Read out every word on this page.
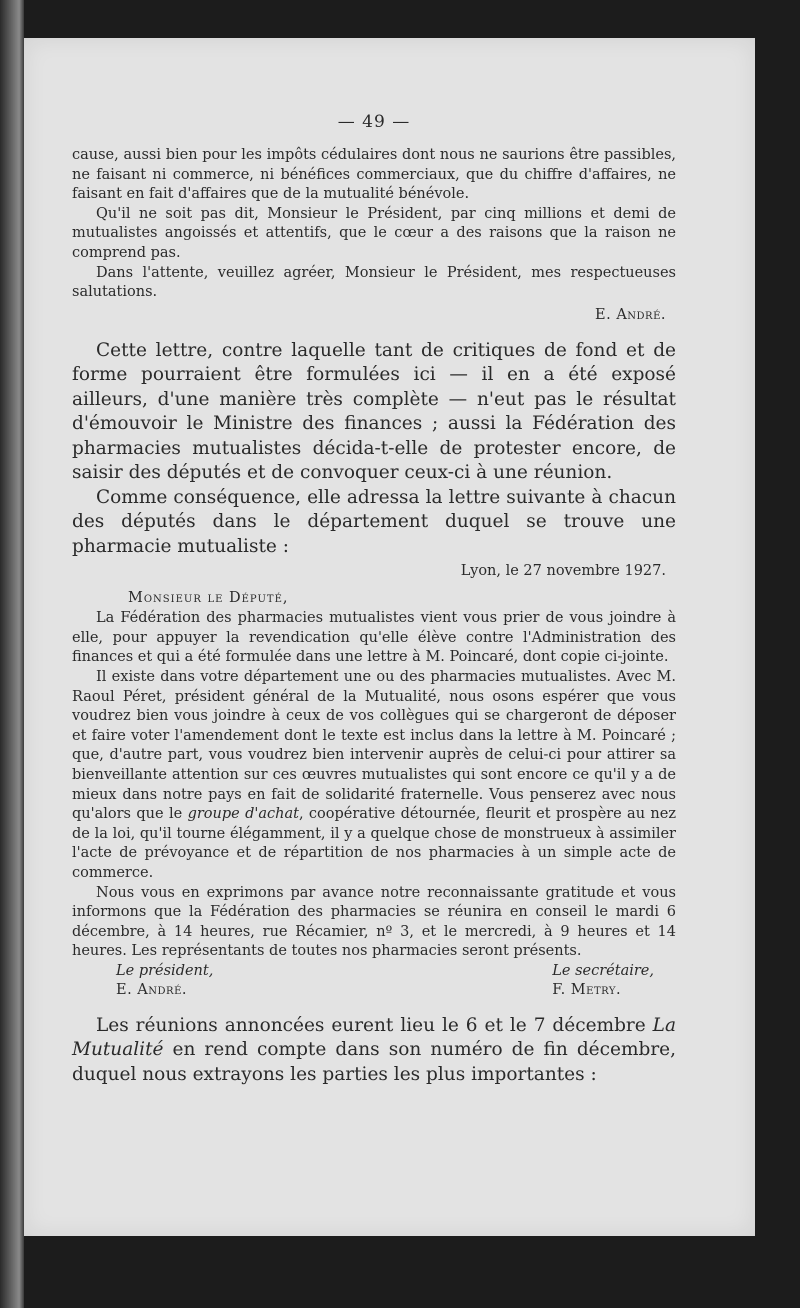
— 49 —

cause, aussi bien pour les impôts cédulaires dont nous ne saurions être passibles, ne faisant ni commerce, ni bénéfices commerciaux, que du chiffre d'affaires, ne faisant en fait d'affaires que de la mutualité bénévole.

Qu'il ne soit pas dit, Monsieur le Président, par cinq millions et demi de mutualistes angoissés et attentifs, que le cœur a des raisons que la raison ne comprend pas.

Dans l'attente, veuillez agréer, Monsieur le Président, mes respectueuses salutations.

E. André.

Cette lettre, contre laquelle tant de critiques de fond et de forme pourraient être formulées ici — il en a été exposé ailleurs, d'une manière très complète — n'eut pas le résultat d'émouvoir le Ministre des finances ; aussi la Fédération des pharmacies mutualistes décida-t-elle de protester encore, de saisir des députés et de convoquer ceux-ci à une réunion.

Comme conséquence, elle adressa la lettre suivante à chacun des députés dans le département duquel se trouve une pharmacie mutualiste :

Lyon, le 27 novembre 1927.

Monsieur le Député,

La Fédération des pharmacies mutualistes vient vous prier de vous joindre à elle, pour appuyer la revendication qu'elle élève contre l'Administration des finances et qui a été formulée dans une lettre à M. Poincaré, dont copie ci-jointe.

Il existe dans votre département une ou des pharmacies mutualistes. Avec M. Raoul Péret, président général de la Mutualité, nous osons espérer que vous voudrez bien vous joindre à ceux de vos collègues qui se chargeront de déposer et faire voter l'amendement dont le texte est inclus dans la lettre à M. Poincaré ; que, d'autre part, vous voudrez bien intervenir auprès de celui-ci pour attirer sa bienveillante attention sur ces œuvres mutualistes qui sont encore ce qu'il y a de mieux dans notre pays en fait de solidarité fraternelle. Vous penserez avec nous qu'alors que le groupe d'achat, coopérative détournée, fleurit et prospère au nez de la loi, qu'il tourne élégamment, il y a quelque chose de monstrueux à assimiler l'acte de prévoyance et de répartition de nos pharmacies à un simple acte de commerce.

Nous vous en exprimons par avance notre reconnaissante gratitude et vous informons que la Fédération des pharmacies se réunira en conseil le mardi 6 décembre, à 14 heures, rue Récamier, nº 3, et le mercredi, à 9 heures et 14 heures. Les représentants de toutes nos pharmacies seront présents.

Le président,
E. André.
Le secrétaire,
F. Metry.

Les réunions annoncées eurent lieu le 6 et le 7 décembre La Mutualité en rend compte dans son numéro de fin décembre, duquel nous extrayons les parties les plus importantes :
